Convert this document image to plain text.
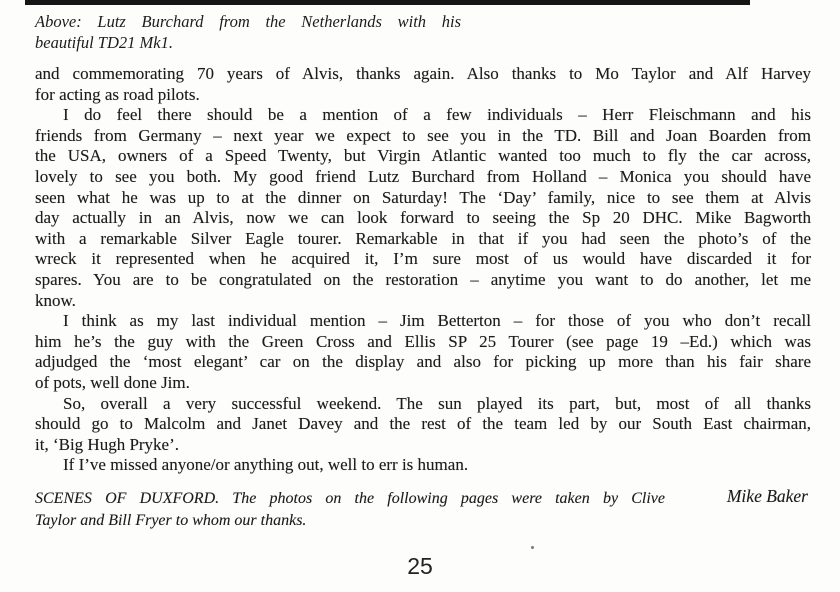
Above: Lutz Burchard from the Netherlands with his
beautiful TD21 Mk1.
and commemorating 70 years of Alvis, thanks again. Also thanks to Mo Taylor and Alf Harvey
for acting as road pilots.
I do feel there should be a mention of a few individuals – Herr Fleischmann and his
friends from Germany – next year we expect to see you in the TD. Bill and Joan Boarden from
the USA, owners of a Speed Twenty, but Virgin Atlantic wanted too much to fly the car across,
lovely to see you both. My good friend Lutz Burchard from Holland – Monica you should have
seen what he was up to at the dinner on Saturday! The ‘Day’ family, nice to see them at Alvis
day actually in an Alvis, now we can look forward to seeing the Sp 20 DHC. Mike Bagworth
with a remarkable Silver Eagle tourer. Remarkable in that if you had seen the photo’s of the
wreck it represented when he acquired it, I’m sure most of us would have discarded it for
spares. You are to be congratulated on the restoration – anytime you want to do another, let me
know.
I think as my last individual mention – Jim Betterton – for those of you who don’t recall
him he’s the guy with the Green Cross and Ellis SP 25 Tourer (see page 19 –Ed.) which was
adjudged the ‘most elegant’ car on the display and also for picking up more than his fair share
of pots, well done Jim.
So, overall a very successful weekend. The sun played its part, but, most of all thanks
should go to Malcolm and Janet Davey and the rest of the team led by our South East chairman,
it, ‘Big Hugh Pryke’.
If I’ve missed anyone/or anything out, well to err is human.
SCENES OF DUXFORD. The photos on the following pages were taken by Clive
Taylor and Bill Fryer to whom our thanks.
Mike Baker
25
